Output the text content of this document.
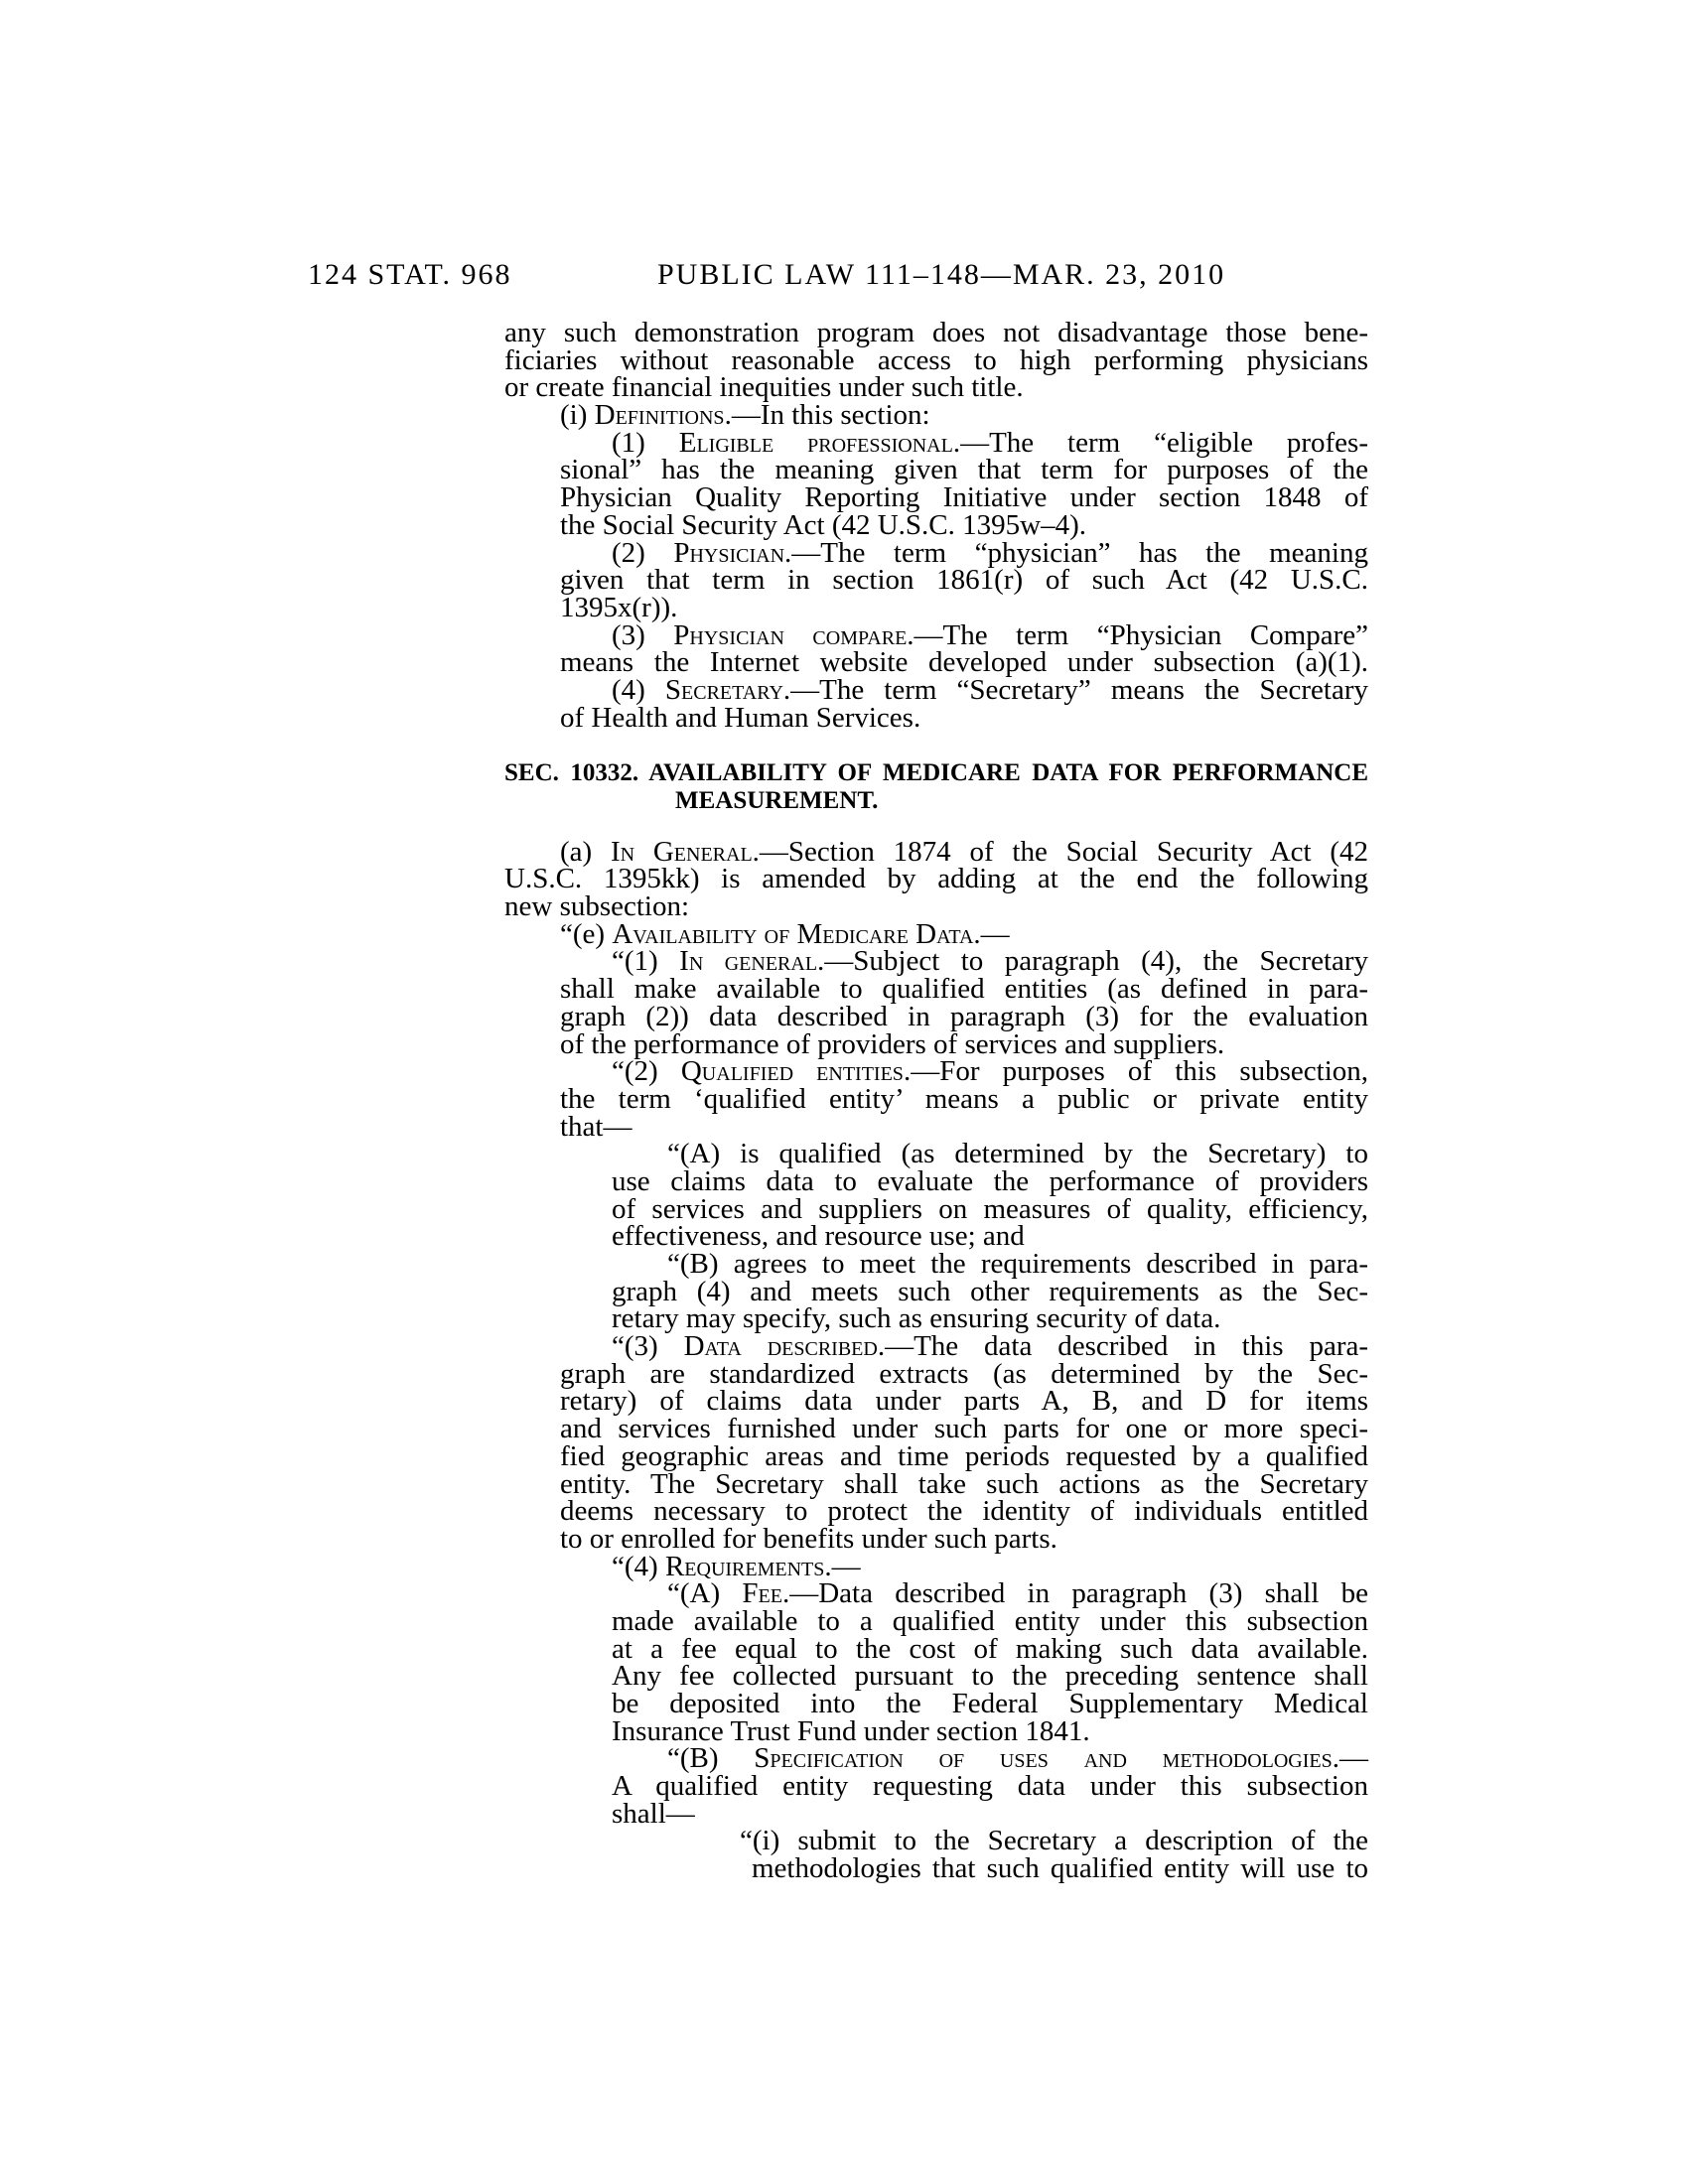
124 STAT. 968	PUBLIC LAW 111–148—MAR. 23, 2010
any such demonstration program does not disadvantage those bene-
ficiaries without reasonable access to high performing physicians
or create financial inequities under such title.
(i) Definitions.—In this section:
(1) Eligible professional.—The term “eligible profes-
sional” has the meaning given that term for purposes of the
Physician Quality Reporting Initiative under section 1848 of
the Social Security Act (42 U.S.C. 1395w–4).
(2) Physician.—The term “physician” has the meaning
given that term in section 1861(r) of such Act (42 U.S.C.
1395x(r)).
(3) Physician compare.—The term “Physician Compare”
means the Internet website developed under subsection (a)(1).
(4) Secretary.—The term “Secretary” means the Secretary
of Health and Human Services.
SEC. 10332. AVAILABILITY OF MEDICARE DATA FOR PERFORMANCE
MEASUREMENT.
(a) In General.—Section 1874 of the Social Security Act (42
U.S.C. 1395kk) is amended by adding at the end the following
new subsection:
“(e) Availability of Medicare Data.—
“(1) In general.—Subject to paragraph (4), the Secretary
shall make available to qualified entities (as defined in para-
graph (2)) data described in paragraph (3) for the evaluation
of the performance of providers of services and suppliers.
“(2) Qualified entities.—For purposes of this subsection,
the term ‘qualified entity’ means a public or private entity
that—
“(A) is qualified (as determined by the Secretary) to
use claims data to evaluate the performance of providers
of services and suppliers on measures of quality, efficiency,
effectiveness, and resource use; and
“(B) agrees to meet the requirements described in para-
graph (4) and meets such other requirements as the Sec-
retary may specify, such as ensuring security of data.
“(3) Data described.—The data described in this para-
graph are standardized extracts (as determined by the Sec-
retary) of claims data under parts A, B, and D for items
and services furnished under such parts for one or more speci-
fied geographic areas and time periods requested by a qualified
entity. The Secretary shall take such actions as the Secretary
deems necessary to protect the identity of individuals entitled
to or enrolled for benefits under such parts.
“(4) Requirements.—
“(A) Fee.—Data described in paragraph (3) shall be
made available to a qualified entity under this subsection
at a fee equal to the cost of making such data available.
Any fee collected pursuant to the preceding sentence shall
be deposited into the Federal Supplementary Medical
Insurance Trust Fund under section 1841.
“(B) Specification of uses and methodologies.—
A qualified entity requesting data under this subsection
shall—
“(i) submit to the Secretary a description of the
methodologies that such qualified entity will use to
